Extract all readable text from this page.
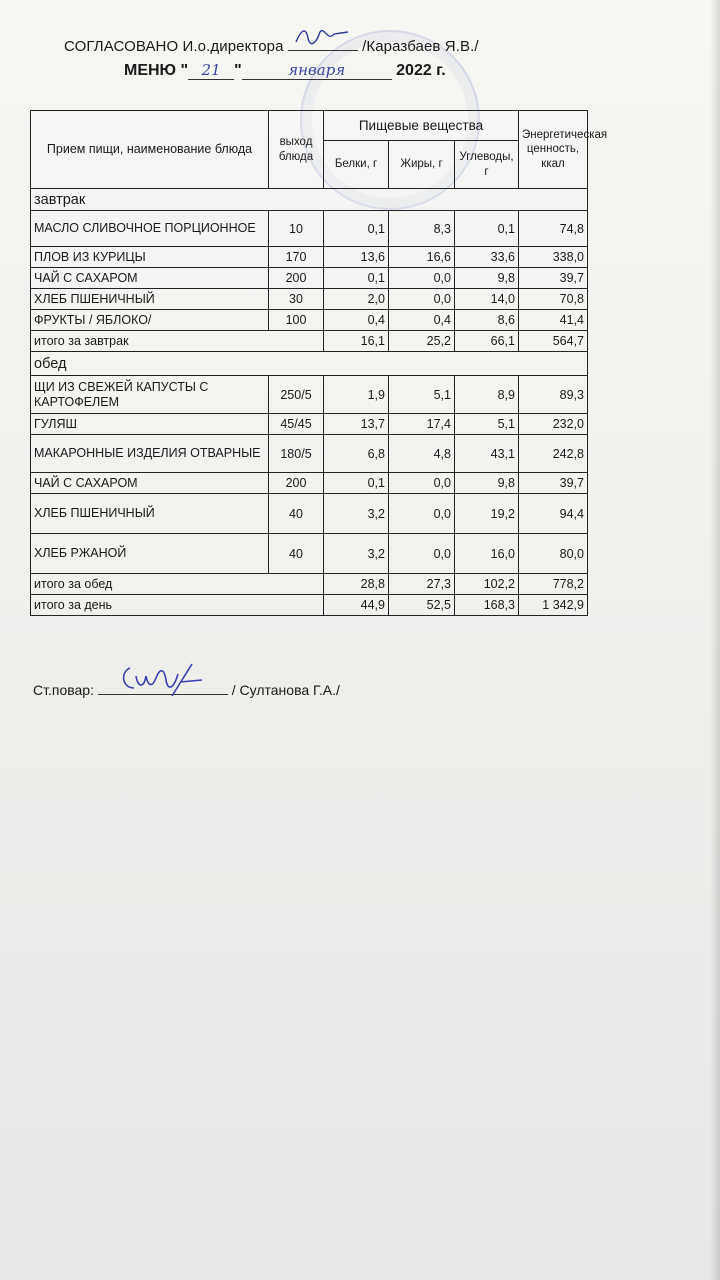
СОГЛАСОВАНО И.о.директора	/Каразбаев Я.В./
МЕНЮ " 21 "	января	2022 г.
Прием пищи, наименование блюда	выход блюда	Пищевые вещества			Энергетическая ценность, ккал
		Белки, г	Жиры, г	Углеводы, г	
завтрак					
МАСЛО СЛИВОЧНОЕ ПОРЦИОННОЕ	10	0,1	8,3	0,1	74,8
ПЛОВ ИЗ КУРИЦЫ	170	13,6	16,6	33,6	338,0
ЧАЙ С САХАРОМ	200	0,1	0,0	9,8	39,7
ХЛЕБ ПШЕНИЧНЫЙ	30	2,0	0,0	14,0	70,8
ФРУКТЫ / ЯБЛОКО/	100	0,4	0,4	8,6	41,4
итого за завтрак		16,1	25,2	66,1	564,7
обед					
ЩИ ИЗ СВЕЖЕЙ КАПУСТЫ С КАРТОФЕЛЕМ	250/5	1,9	5,1	8,9	89,3
ГУЛЯШ	45/45	13,7	17,4	5,1	232,0
МАКАРОННЫЕ ИЗДЕЛИЯ ОТВАРНЫЕ	180/5	6,8	4,8	43,1	242,8
ЧАЙ С САХАРОМ	200	0,1	0,0	9,8	39,7
ХЛЕБ ПШЕНИЧНЫЙ	40	3,2	0,0	19,2	94,4
ХЛЕБ РЖАНОЙ	40	3,2	0,0	16,0	80,0
итого за обед		28,8	27,3	102,2	778,2
итого за день		44,9	52,5	168,3	1 342,9
Ст.повар:	/ Султанова Г.А./
